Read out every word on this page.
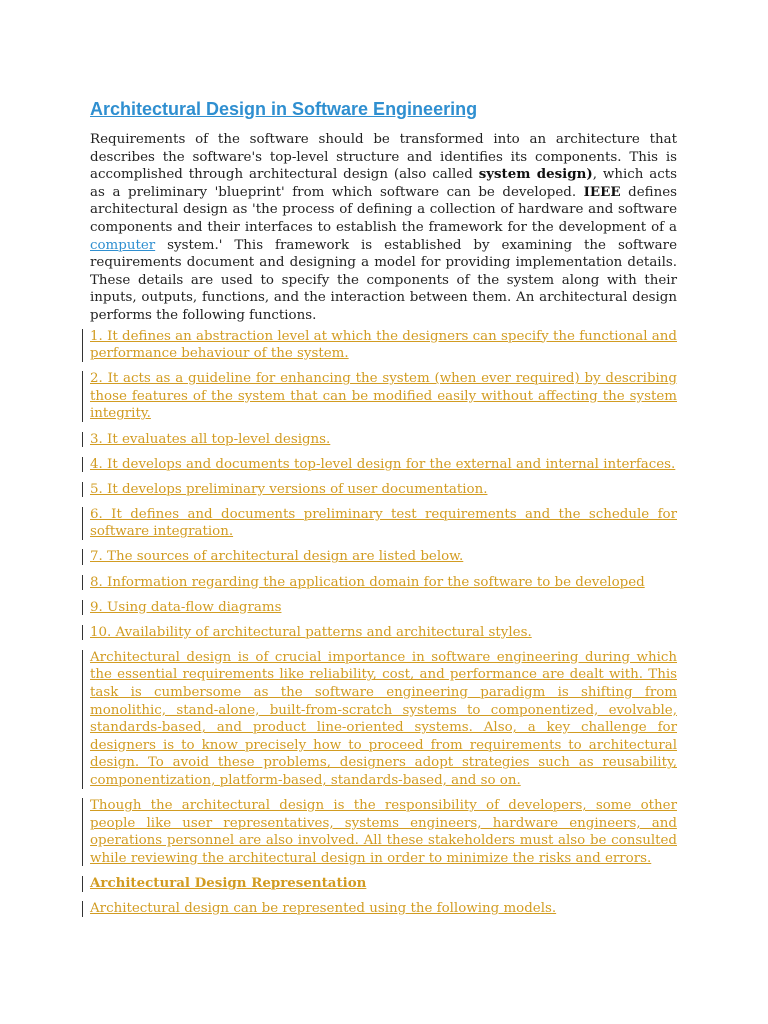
Architectural Design in Software Engineering

Requirements of the software should be transformed into an architecture that describes the software's top-level structure and identifies its components. This is accomplished through architectural design (also called system design), which acts as a preliminary 'blueprint' from which software can be developed. IEEE defines architectural design as 'the process of defining a collection of hardware and software components and their interfaces to establish the framework for the development of a computer system.' This framework is established by examining the software requirements document and designing a model for providing implementation details. These details are used to specify the components of the system along with their inputs, outputs, functions, and the interaction between them. An architectural design performs the following functions.

1. It defines an abstraction level at which the designers can specify the functional and performance behaviour of the system.
2. It acts as a guideline for enhancing the system (when ever required) by describing those features of the system that can be modified easily without affecting the system integrity.
3. It evaluates all top-level designs.
4. It develops and documents top-level design for the external and internal interfaces.
5. It develops preliminary versions of user documentation.
6. It defines and documents preliminary test requirements and the schedule for software integration.
7. The sources of architectural design are listed below.
8. Information regarding the application domain for the software to be developed
9. Using data-flow diagrams
10. Availability of architectural patterns and architectural styles.
Architectural design is of crucial importance in software engineering during which the essential requirements like reliability, cost, and performance are dealt with. This task is cumbersome as the software engineering paradigm is shifting from monolithic, stand-alone, built-from-scratch systems to componentized, evolvable, standards-based, and product line-oriented systems. Also, a key challenge for designers is to know precisely how to proceed from requirements to architectural design. To avoid these problems, designers adopt strategies such as reusability, componentization, platform-based, standards-based, and so on.
Though the architectural design is the responsibility of developers, some other people like user representatives, systems engineers, hardware engineers, and operations personnel are also involved. All these stakeholders must also be consulted while reviewing the architectural design in order to minimize the risks and errors.
Architectural Design Representation
Architectural design can be represented using the following models.
